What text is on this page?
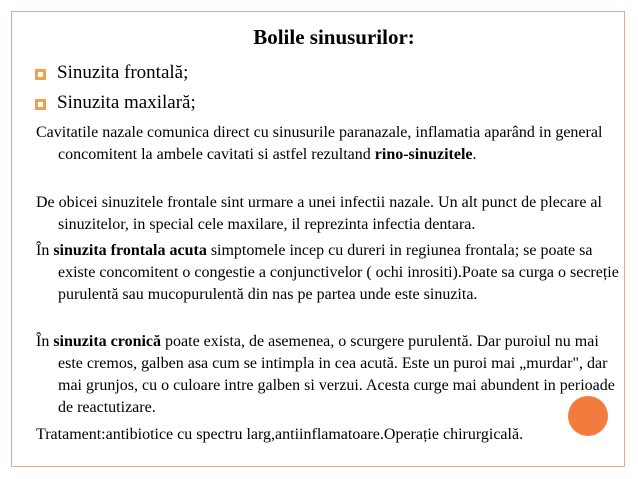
Bolile sinusurilor:
Sinuzita frontală;
Sinuzita maxilară;
Cavitatile nazale comunica direct cu sinusurile paranazale, inflamatia aparând in general concomitent la ambele cavitati si astfel rezultand rino-sinuzitele.
De obicei sinuzitele frontale sint urmare a unei infectii nazale. Un alt punct de plecare al sinuzitelor, in special cele maxilare, il reprezinta infectia dentara.
În sinuzita frontala acuta simptomele incep cu dureri in regiunea frontala; se poate sa existe concomitent o congestie a conjunctivelor ( ochi inrositi).Poate sa curga o secreție purulentă sau mucopurulentă din nas pe partea unde este sinuzita.
În sinuzita cronică poate exista, de asemenea, o scurgere purulentă. Dar puroiul nu mai este cremos, galben asa cum se intimpla in cea acută. Este un puroi mai „murdar", dar mai grunjos, cu o culoare intre galben si verzui. Acesta curge mai abundent in perioade de reactutizare.
Tratament:antibiotice cu spectru larg,antiinflamatoare.Operație chirurgicală.
